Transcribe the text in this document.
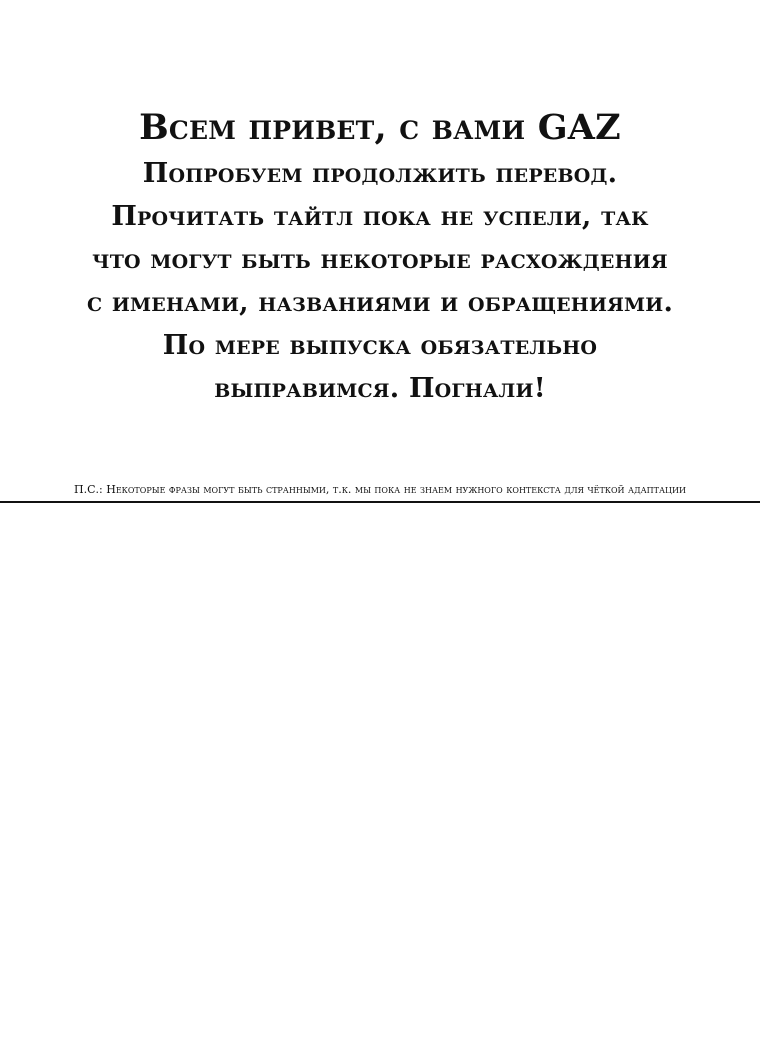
Всем привет, с вами GAZ
Попробуем продолжить перевод.
Прочитать тайтл пока не успели, так
что могут быть некоторые расхождения
с именами, названиями и обращениями.
По мере выпуска обязательно
выправимся. Погнали!
П.С.: Некоторые фразы могут быть странными, т.к. мы пока не знаем нужного контекста для чёткой адаптации
